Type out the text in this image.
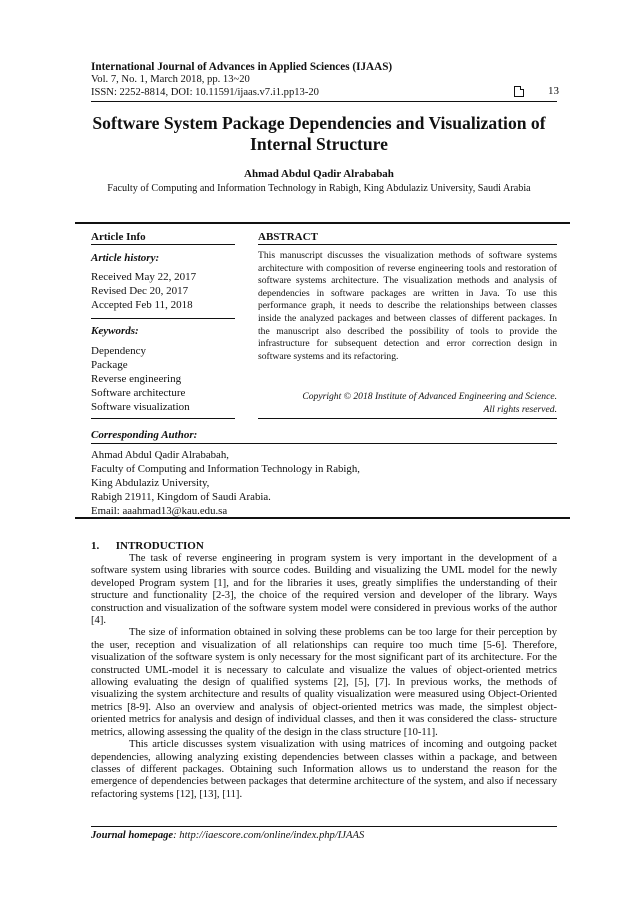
International Journal of Advances in Applied Sciences (IJAAS)
Vol. 7, No. 1, March 2018, pp. 13~20
ISSN: 2252-8814, DOI: 10.11591/ijaas.v7.i1.pp13-20	13
Software System Package Dependencies and Visualization of
Internal Structure
Ahmad Abdul Qadir Alrababah
Faculty of Computing and Information Technology in Rabigh, King Abdulaziz University, Saudi Arabia
Article Info	ABSTRACT
Article history:
Received May 22, 2017
Revised Dec 20, 2017
Accepted Feb 11, 2018
Keywords:
Dependency
Package
Reverse engineering
Software architecture
Software visualization
This manuscript discusses the visualization methods of software systems architecture with composition of reverse engineering tools and restoration of software systems architecture. The visualization methods and analysis of dependencies in software packages are written in Java. To use this performance graph, it needs to describe the relationships between classes inside the analyzed packages and between classes of different packages. In the manuscript also described the possibility of tools to provide the infrastructure for subsequent detection and error correction design in software systems and its refactoring.
Copyright © 2018 Institute of Advanced Engineering and Science.
All rights reserved.
Corresponding Author:
Ahmad Abdul Qadir Alrababah,
Faculty of Computing and Information Technology in Rabigh,
King Abdulaziz University,
Rabigh 21911, Kingdom of Saudi Arabia.
Email: aaahmad13@kau.edu.sa
1.      INTRODUCTION

The task of reverse engineering in program system is very important in the development of a software system using libraries with source codes. Building and visualizing the UML model for the newly developed Program system [1], and for the libraries it uses, greatly simplifies the understanding of their structure and functionality [2-3], the choice of the required version and developer of the library. Ways construction and visualization of the software system model were considered in previous works of the author [4].

The size of information obtained in solving these problems can be too large for their perception by the user, reception and visualization of all relationships can require too much time [5-6]. Therefore, visualization of the software system is only necessary for the most significant part of its architecture. For the constructed UML-model it is necessary to calculate and visualize the values of object-oriented metrics allowing evaluating the design of qualified systems [2], [5], [7]. In previous works, the methods of visualizing the system architecture and results of quality visualization were measured using Object-Oriented metrics [8-9]. Also an overview and analysis of object-oriented metrics was made, the simplest object-oriented metrics for analysis and design of individual classes, and then it was considered the class- structure metrics, allowing assessing the quality of the design in the class structure [10-11].

This article discusses system visualization with using matrices of incoming and outgoing packet dependencies, allowing analyzing existing dependencies between classes within a package, and between classes of different packages. Obtaining such Information allows us to understand the reason for the emergence of dependencies between packages that determine architecture of the system, and also if necessary refactoring systems [12], [13], [11].

Journal homepage: http://iaescore.com/online/index.php/IJAAS
